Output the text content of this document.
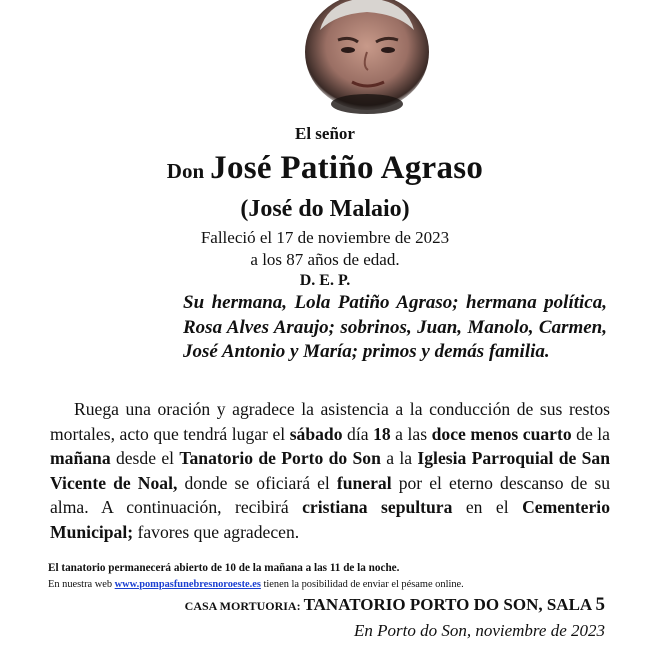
El señor
Don José Patiño Agraso
(José do Malaio)
Falleció el 17 de noviembre de 2023
a los 87 años de edad.
D. E. P.
Su hermana, Lola Patiño Agraso; hermana política, Rosa Alves Araujo; sobrinos, Juan, Manolo, Carmen, José Antonio y María; primos y demás familia.
Ruega una oración y agradece la asistencia a la conducción de sus restos mortales, acto que tendrá lugar el sábado día 18 a las doce menos cuarto de la mañana desde el Tanatorio de Porto do Son a la Iglesia Parroquial de San Vicente de Noal, donde se oficiará el funeral por el eterno descanso de su alma. A continuación, recibirá cristiana sepultura en el Cementerio Municipal; favores que agradecen.
El tanatorio permanecerá abierto de 10 de la mañana a las 11 de la noche.
En nuestra web www.pompasfunebresnoroeste.es tienen la posibilidad de enviar el pésame online.
CASA MORTUORIA: TANATORIO PORTO DO SON, SALA 5
En Porto do Son, noviembre de 2023
